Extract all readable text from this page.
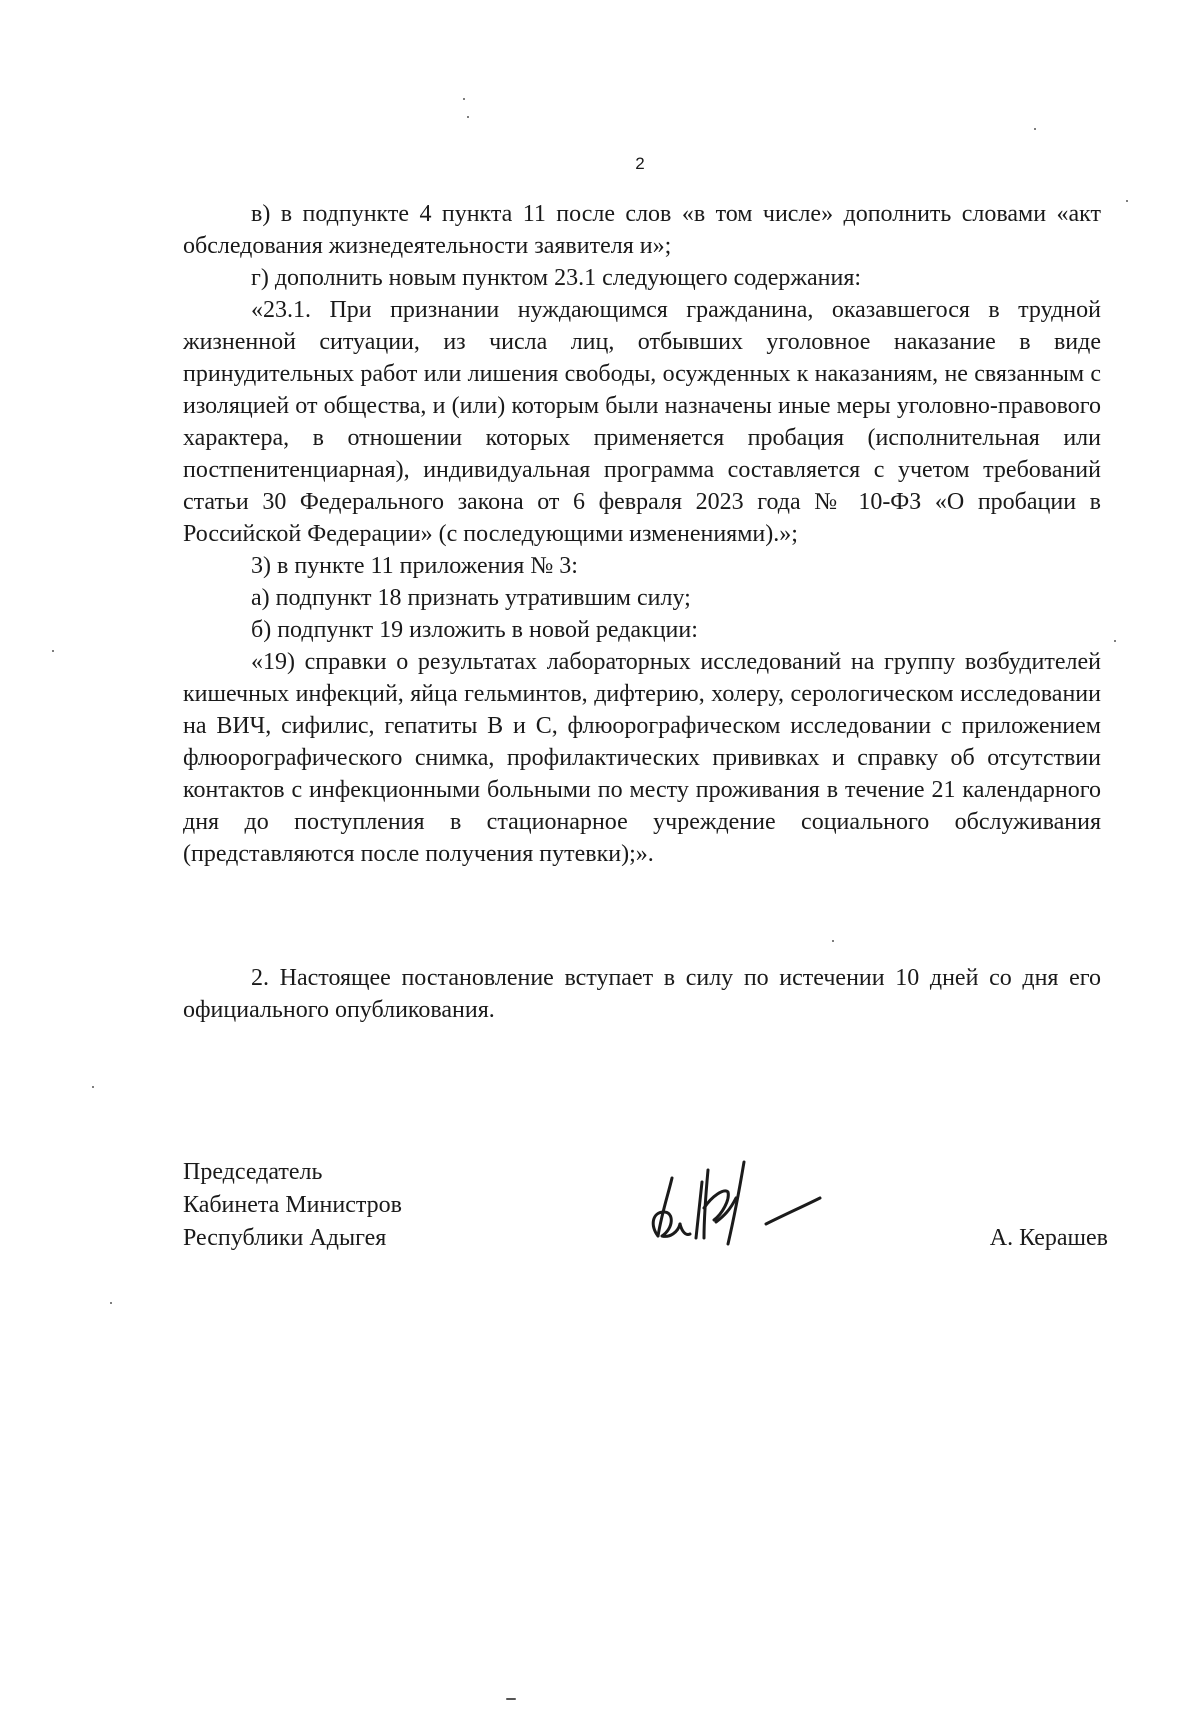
2

в) в подпункте 4 пункта 11 после слов «в том числе» дополнить словами «акт обследования жизнедеятельности заявителя и»;

г) дополнить новым пунктом 23.1 следующего содержания:

«23.1. При признании нуждающимся гражданина, оказавшегося в трудной жизненной ситуации, из числа лиц, отбывших уголовное наказание в виде принудительных работ или лишения свободы, осужденных к наказаниям, не связанным с изоляцией от общества, и (или) которым были назначены иные меры уголовно-правового характера, в отношении которых применяется пробация (исполнительная или постпенитенциарная), индивидуальная программа составляется с учетом требований статьи 30 Федерального закона от 6 февраля 2023 года № 10-ФЗ «О пробации в Российской Федерации» (с последующими изменениями).»;

3) в пункте 11 приложения № 3:

а) подпункт 18 признать утратившим силу;

б) подпункт 19 изложить в новой редакции:

«19) справки о результатах лабораторных исследований на группу возбудителей кишечных инфекций, яйца гельминтов, дифтерию, холеру, серологическом исследовании на ВИЧ, сифилис, гепатиты В и С, флюорографическом исследовании с приложением флюорографического снимка, профилактических прививках и справку об отсутствии контактов с инфекционными больными по месту проживания в течение 21 календарного дня до поступления в стационарное учреждение социального обслуживания (представляются после получения путевки);».

2. Настоящее постановление вступает в силу по истечении 10 дней со дня его официального опубликования.

Председатель
Кабинета Министров
Республики Адыгея	А. Керашев
